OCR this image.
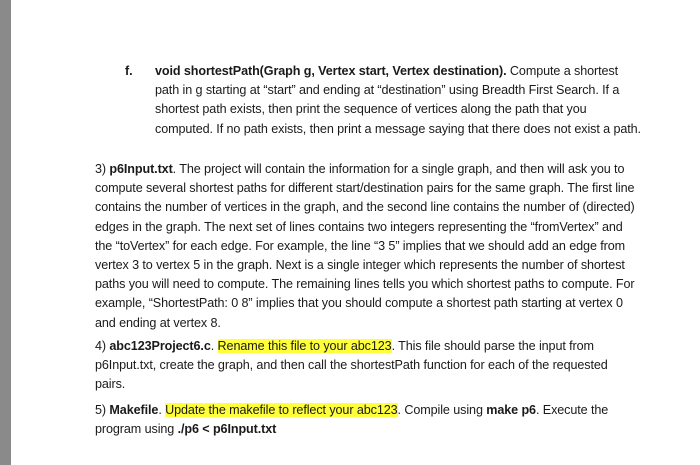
f. void shortestPath(Graph g, Vertex start, Vertex destination). Compute a shortest path in g starting at “start” and ending at “destination” using Breadth First Search. If a shortest path exists, then print the sequence of vertices along the path that you computed. If no path exists, then print a message saying that there does not exist a path.
3) p6Input.txt. The project will contain the information for a single graph, and then will ask you to compute several shortest paths for different start/destination pairs for the same graph. The first line contains the number of vertices in the graph, and the second line contains the number of (directed) edges in the graph. The next set of lines contains two integers representing the “fromVertex” and the “toVertex” for each edge. For example, the line “3 5” implies that we should add an edge from vertex 3 to vertex 5 in the graph. Next is a single integer which represents the number of shortest paths you will need to compute. The remaining lines tells you which shortest paths to compute. For example, “ShortestPath: 0 8” implies that you should compute a shortest path starting at vertex 0 and ending at vertex 8.
4) abc123Project6.c. Rename this file to your abc123. This file should parse the input from p6Input.txt, create the graph, and then call the shortestPath function for each of the requested pairs.
5) Makefile. Update the makefile to reflect your abc123. Compile using make p6. Execute the program using ./p6 < p6Input.txt
